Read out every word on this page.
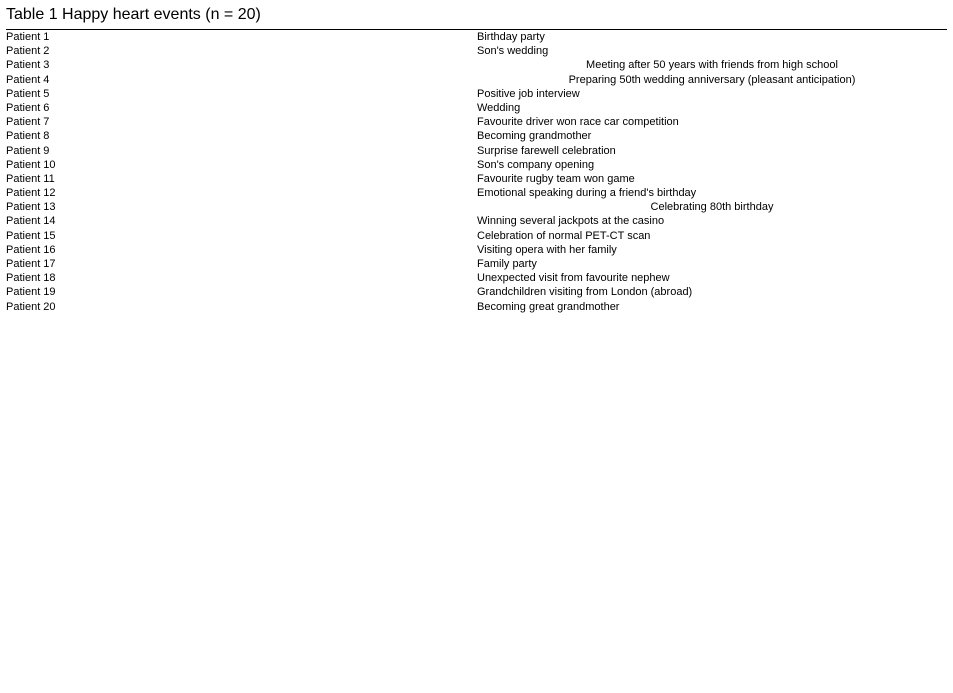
Table 1 Happy heart events (n = 20)
Patient 1	Birthday party
Patient 2	Son's wedding
Patient 3	Meeting after 50 years with friends from high school
Patient 4	Preparing 50th wedding anniversary (pleasant anticipation)
Patient 5	Positive job interview
Patient 6	Wedding
Patient 7	Favourite driver won race car competition
Patient 8	Becoming grandmother
Patient 9	Surprise farewell celebration
Patient 10	Son's company opening
Patient 11	Favourite rugby team won game
Patient 12	Emotional speaking during a friend's birthday
Patient 13	Celebrating 80th birthday
Patient 14	Winning several jackpots at the casino
Patient 15	Celebration of normal PET-CT scan
Patient 16	Visiting opera with her family
Patient 17	Family party
Patient 18	Unexpected visit from favourite nephew
Patient 19	Grandchildren visiting from London (abroad)
Patient 20	Becoming great grandmother
